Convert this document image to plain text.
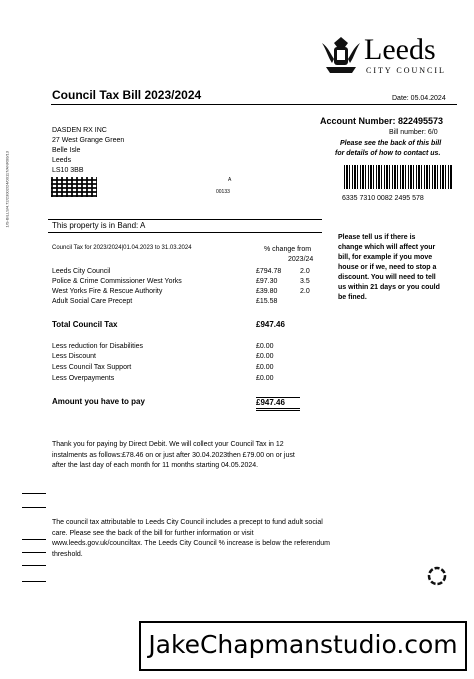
Leeds
CITY COUNCIL
Council Tax Bill 2023/2024	Date: 05.04.2024
1/S-BILLS/4.72/23002/24/00117/ANR00/13
DASDEN RX INC
27 West Grange Green
Belle Isle
Leeds
LS10 3BB
A
00133
Account Number: 822495573
Bill number: 6/0
Please see the back of this bill
for details of how to contact us.
6335 7310 0082 2495 578
This property is in Band: A
Council Tax for 2023/2024|01.04.2023 to 31.03.2024	% change from
2023/24
Leeds City Council	£794.78	2.0
Police & Crime Commissioner West Yorks	£97.30	3.5
West Yorks Fire & Rescue Authority	£39.80	2.0
Adult Social Care Precept	£15.58
Total Council Tax	£947.46
Less reduction for Disabilities	£0.00
Less Discount	£0.00
Less Council Tax Support	£0.00
Less Overpayments	£0.00
Amount you have to pay	£947.46
Please tell us if there is
change which will affect your
bill, for example if you move
house or if we, need to stop a
discount. You will need to tell
us within 21 days or you could
be fined.
Thank you for paying by Direct Debit. We will collect your Council Tax in 12
instalments as follows:£78.46 on or just after 30.04.2023then £79.00 on or just
after the last day of each month for 11 months starting 04.05.2024.
The council tax attributable to Leeds City Council includes a precept to fund adult social
care. Please see the back of the bill for further information or visit
www.leeds.gov.uk/counciltax. The Leeds City Council % increase is below the referendum
threshold.
JakeChapmanstudio.com
